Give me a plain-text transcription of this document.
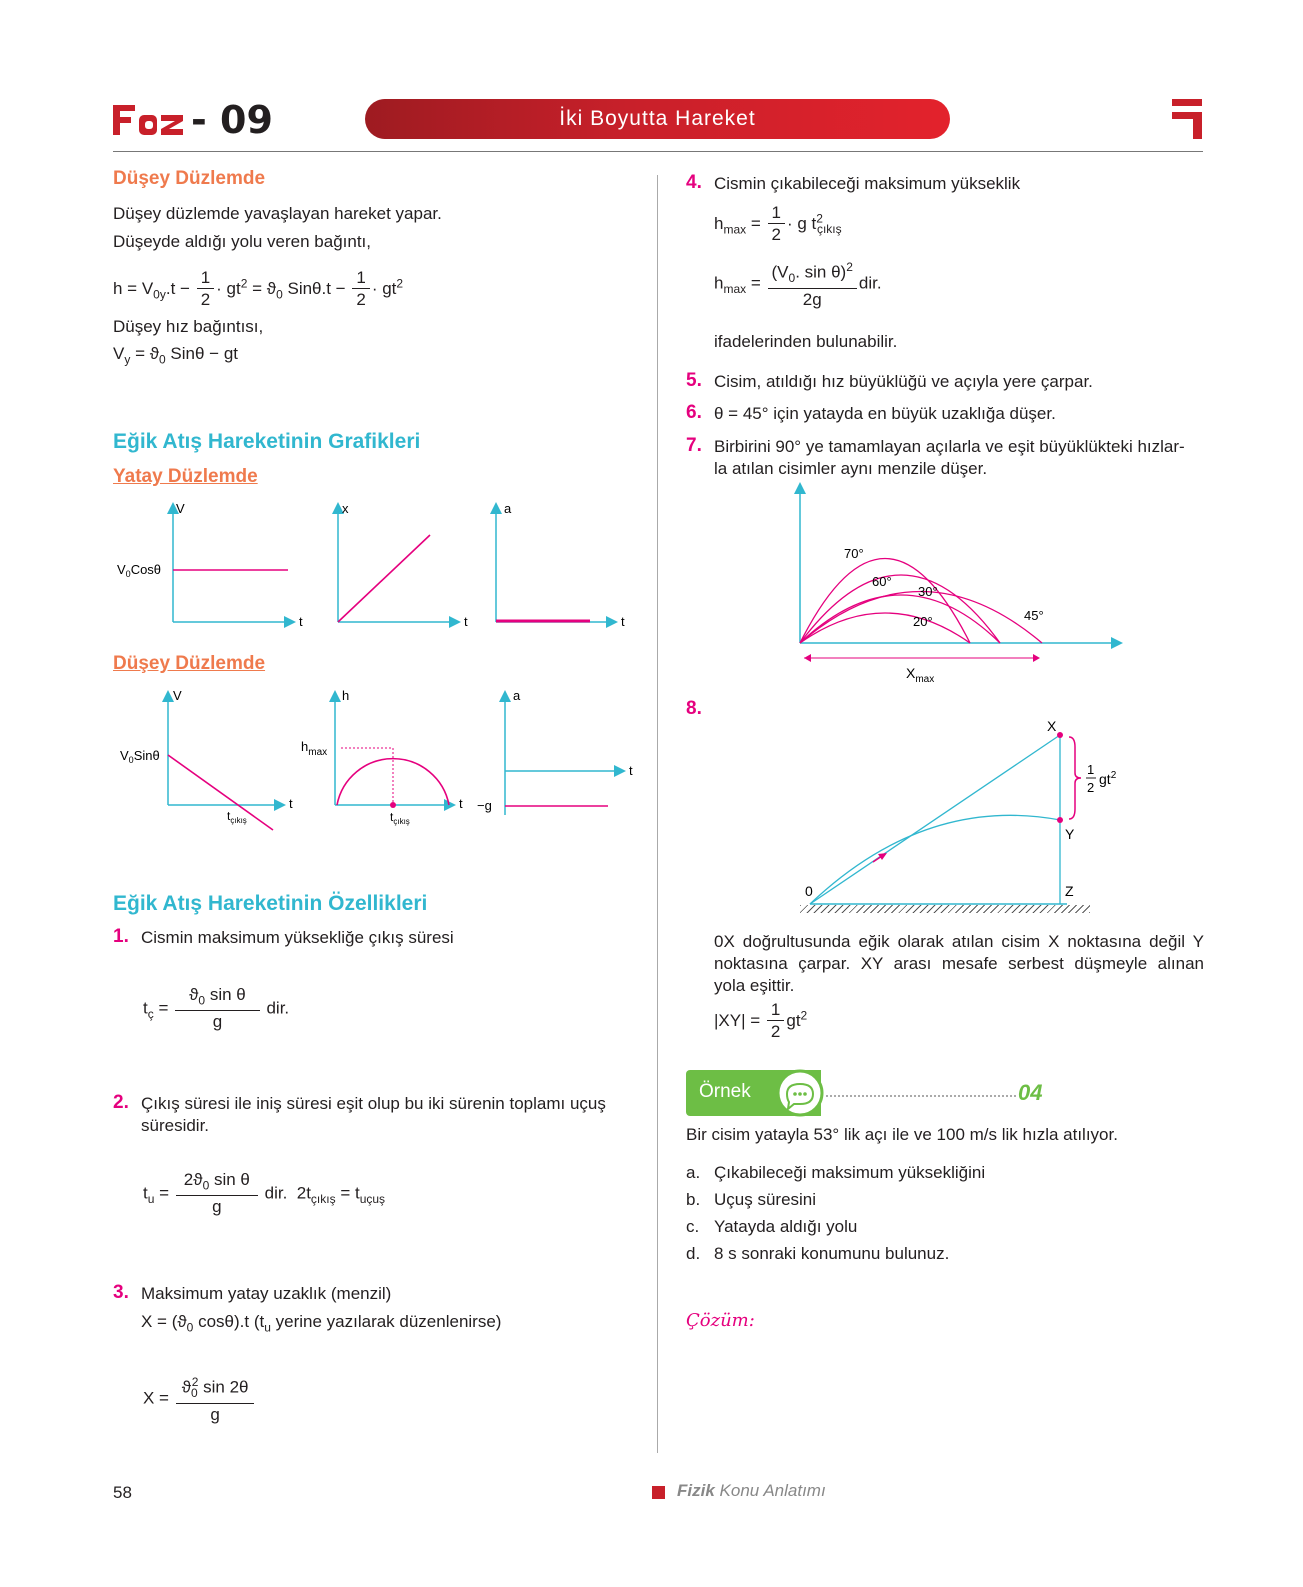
- 09	İki Boyutta Hareket
Düşey Düzlemde
Düşey düzlemde yavaşlayan hareket yapar.
Düşeyde aldığı yolu veren bağıntı,
$h = V_{0y}.t - \frac{1}{2} \cdot gt^2 = ϑ_0$ $Sin\theta.t - \frac{1}{2} \cdot gt^2$
Düşey hız bağıntısı,
$V_y = ϑ_0$ Sinθ − gt
Eğik Atış Hareketinin Grafikleri
Yatay Düzlemde
V
t
$V_0Cos\theta$
x
t
a
t
Düşey Düzlemde
V
t
$V_0Sin\theta$
$t_{çıkış}$
h
t
$h_{max}$
$t_{çıkış}$
a
t
−g
Eğik Atış Hareketinin Özellikleri
1. Cismin maksimum yüksekliğe çıkış süresi
$t_ç = \frac{ϑ_0 \sin \theta}{g}$ dir.
2. Çıkış süresi ile iniş süresi eşit olup bu iki sürenin toplamı uçuş süresidir.
$t_u = \frac{2ϑ_0 \sin \theta}{g}$ dir.  $2t_{çıkış} = t_{uçuş}$
3. Maksimum yatay uzaklık (menzil)
$X = (ϑ_0$ cosθ).t ($t_u$ yerine yazılarak düzenlenirse)
$X = \frac{ϑ_0^2 \sin 2\theta}{g}$
4. Cismin çıkabileceği maksimum yükseklik
$h_{max} = \frac{1}{2} \cdot g$ $t^2_{çıkış}$
$h_{max} = \frac{(V_0. \sin \theta)^2}{2g}$ dir.
ifadelerinden bulunabilir.
5. Cisim, atıldığı hız büyüklüğü ve açıyla yere çarpar.
6. θ = 45° için yatayda en büyük uzaklığa düşer.
7. Birbirini 90° ye tamamlayan açılarla ve eşit büyüklükteki hızlar-
la atılan cisimler aynı menzile düşer.
70°
60°
30°
20°	45°
$X_{max}$
8.
X
Y
Z
0
1
2
$gt^2$
0X doğrultusunda eğik olarak atılan cisim X noktasına değil Y
noktasına çarpar. XY arası mesafe serbest düşmeyle alınan
yola eşittir.
$|XY| = \frac{1}{2} gt^2$
Örnek	04
Bir cisim yatayla 53° lik açı ile ve 100 m/s lik hızla atılıyor.
a. Çıkabileceği maksimum yüksekliğini
b. Uçuş süresini
c. Yatayda aldığı yolu
d. 8 s sonraki konumunu bulunuz.
Çözüm:
58	Fizik Konu Anlatımı
